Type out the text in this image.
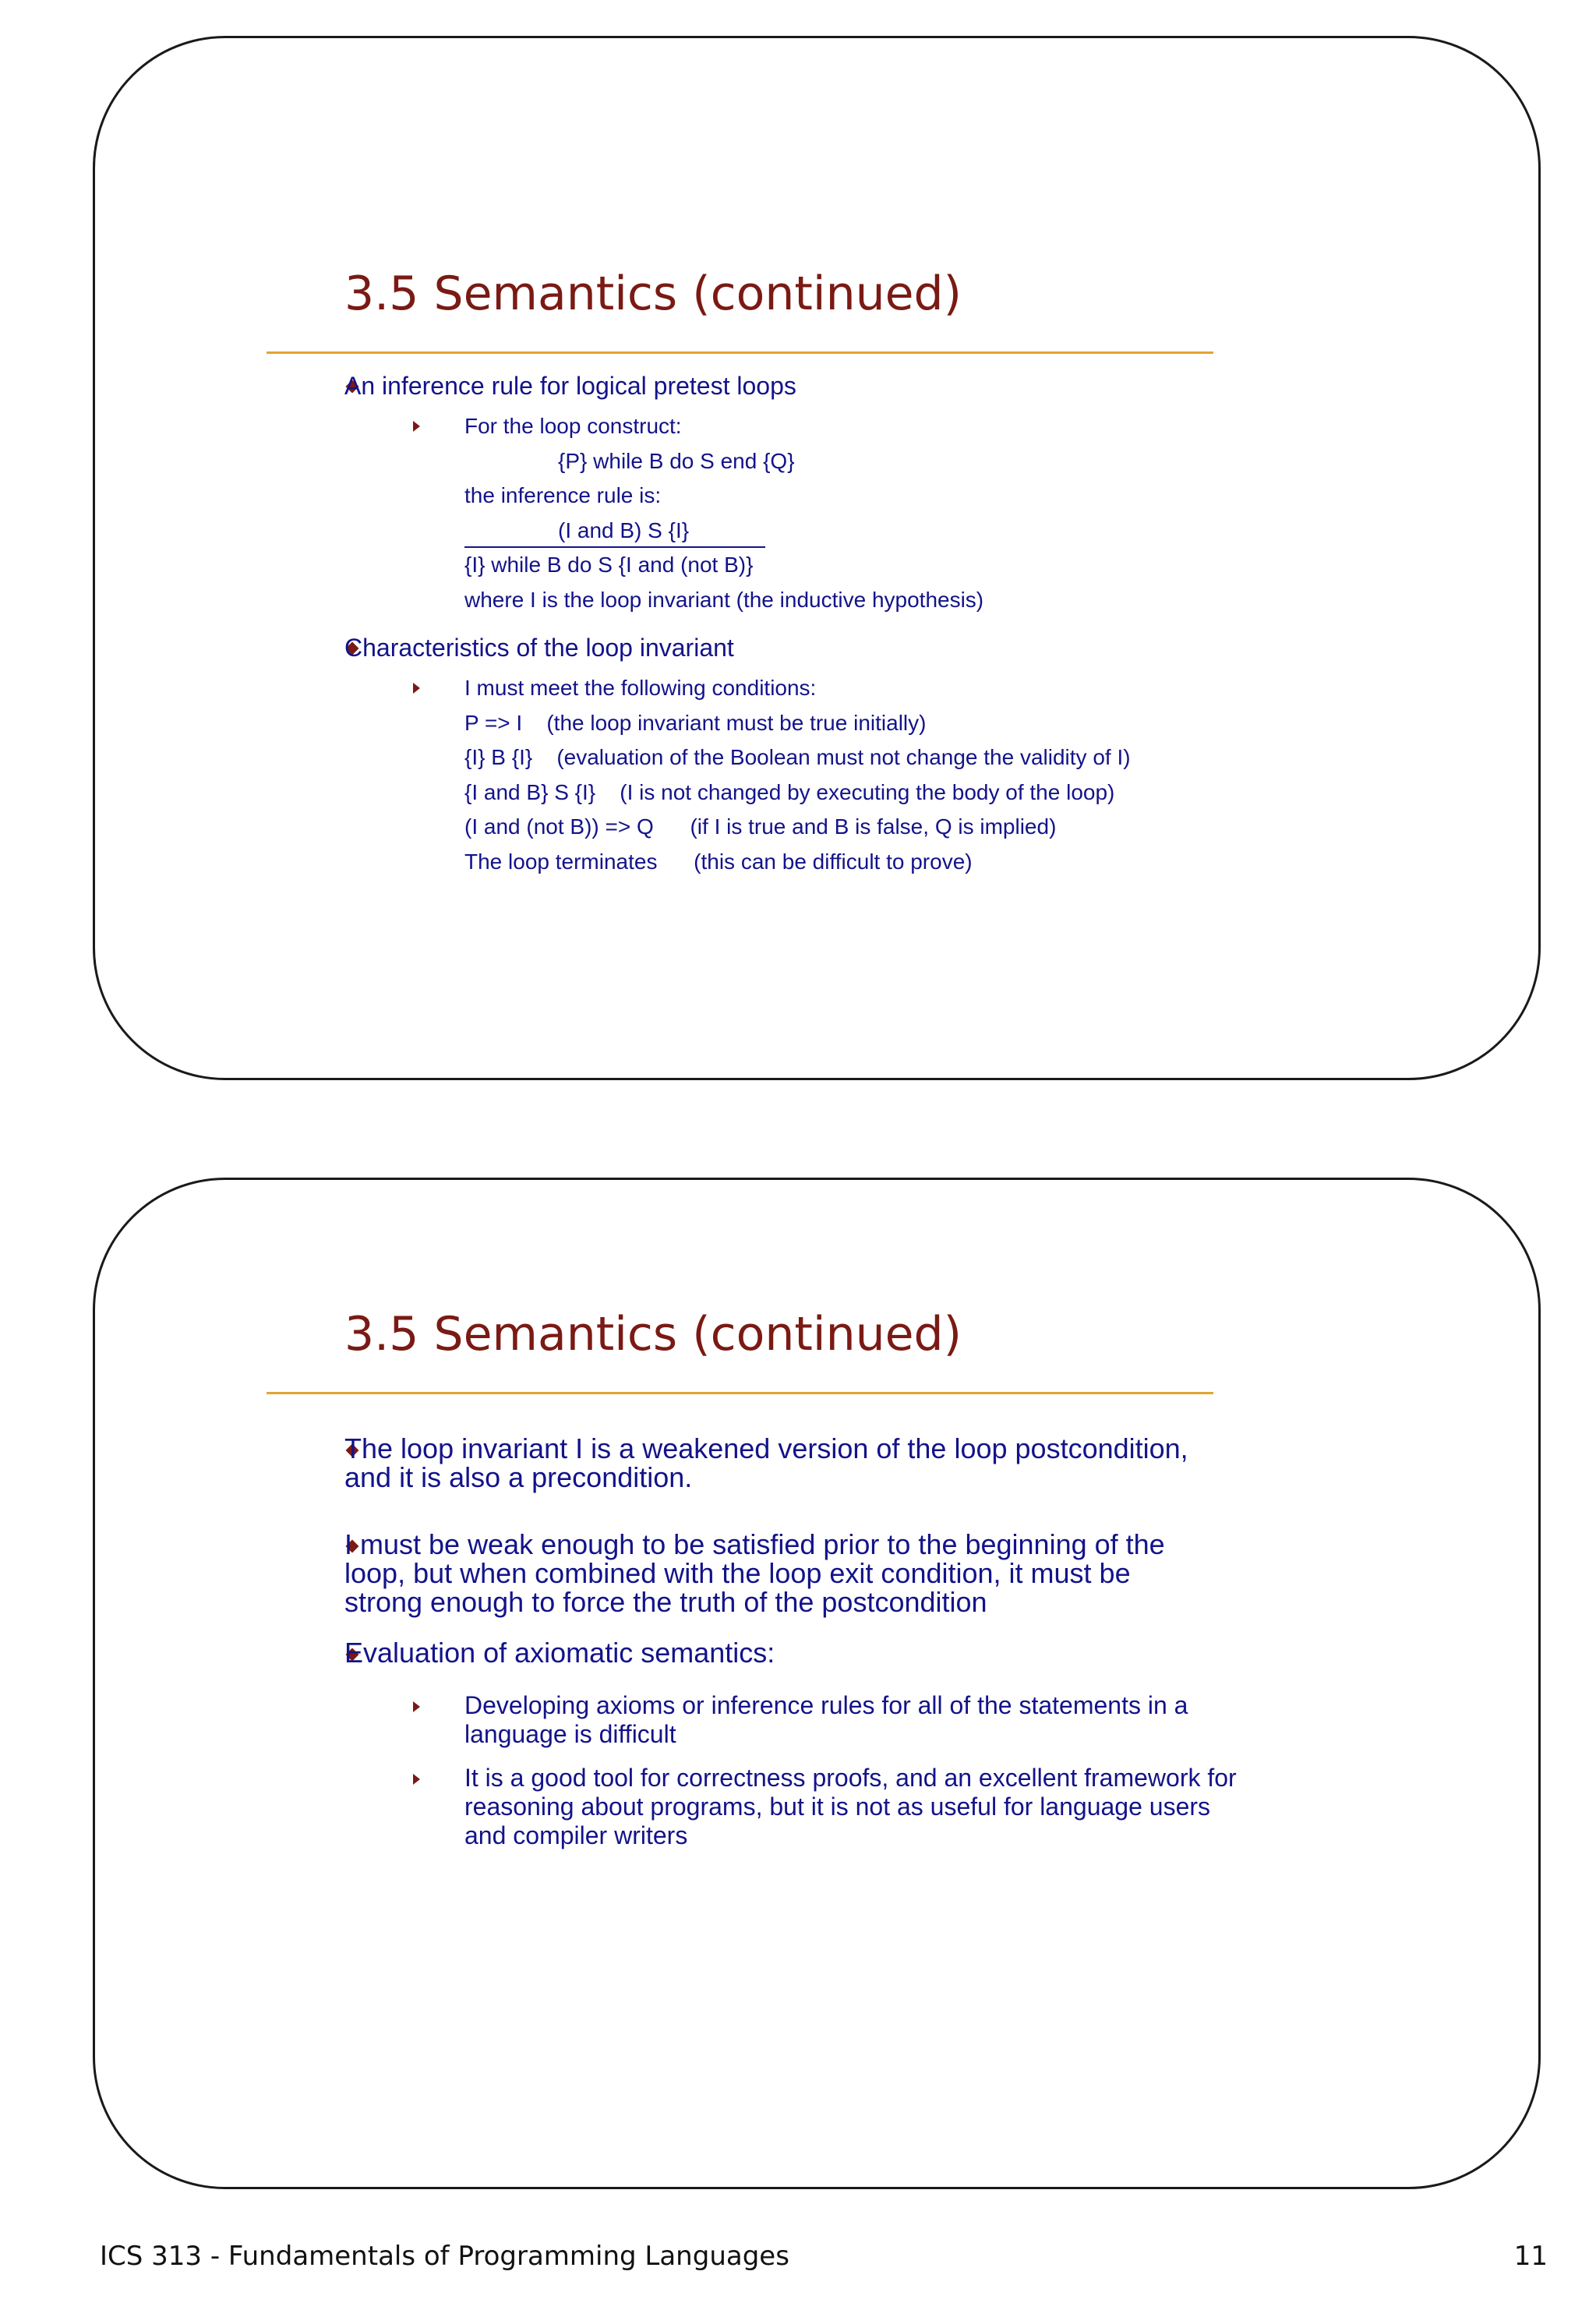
3.5 Semantics (continued)
An inference rule for logical pretest loops
For the loop construct:
{P} while B do S end {Q}
the inference rule is:
(I and B) S {I}
{I} while B do S {I and (not B)}
where I is the loop invariant (the inductive hypothesis)
Characteristics of the loop invariant
I must meet the following conditions:
P => I (the loop invariant must be true initially)
{I} B {I} (evaluation of the Boolean must not change the validity of I)
{I and B} S {I} (I is not changed by executing the body of the loop)
(I and (not B)) => Q (if I is true and B is false, Q is implied)
The loop terminates (this can be difficult to prove)
3.5 Semantics (continued)
The loop invariant I is a weakened version of the loop postcondition,
and it is also a precondition.
I must be weak enough to be satisfied prior to the beginning of the
loop, but when combined with the loop exit condition, it must be
strong enough to force the truth of the postcondition
Evaluation of axiomatic semantics:
Developing axioms or inference rules for all of the statements in a
language is difficult
It is a good tool for correctness proofs, and an excellent framework for
reasoning about programs, but it is not as useful for language users
and compiler writers
ICS 313 - Fundamentals of Programming Languages	11
